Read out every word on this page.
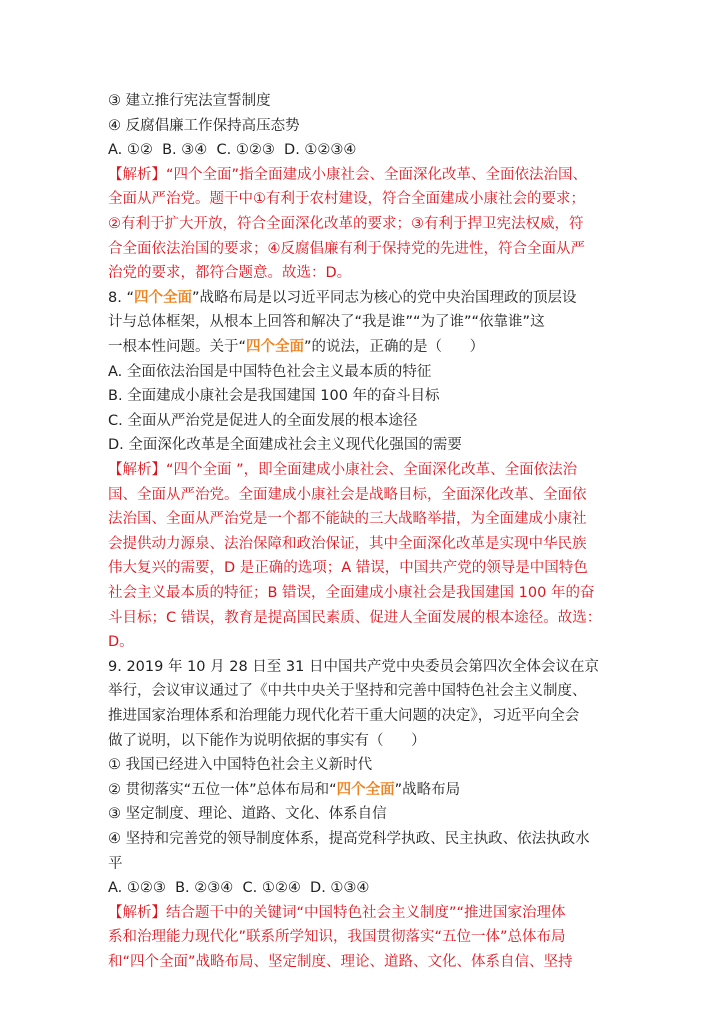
③ 建立推行宪法宣誓制度
④ 反腐倡廉工作保持高压态势
A. ①②  B. ③④  C. ①②③  D. ①②③④
【解析】“四个全面”指全面建成小康社会、全面深化改革、全面依法治国、
全面从严治党。题干中①有利于农村建设，符合全面建成小康社会的要求；
②有利于扩大开放，符合全面深化改革的要求；③有利于捍卫宪法权威，符
合全面依法治国的要求；④反腐倡廉有利于保持党的先进性，符合全面从严
治党的要求，都符合题意。故选：D。
8. “四个全面”战略布局是以习近平同志为核心的党中央治国理政的顶层设
计与总体框架，从根本上回答和解决了“我是谁”“为了谁”“依靠谁”这
一根本性问题。关于“四个全面”的说法，正确的是（      ）
A. 全面依法治国是中国特色社会主义最本质的特征
B. 全面建成小康社会是我国建国 100 年的奋斗目标
C. 全面从严治党是促进人的全面发展的根本途径
D. 全面深化改革是全面建成社会主义现代化强国的需要
【解析】“四个全面 ”，即全面建成小康社会、全面深化改革、全面依法治
国、全面从严治党。全面建成小康社会是战略目标，全面深化改革、全面依
法治国、全面从严治党是一个都不能缺的三大战略举措，为全面建成小康社
会提供动力源泉、法治保障和政治保证，其中全面深化改革是实现中华民族
伟大复兴的需要，D 是正确的选项；A 错误，中国共产党的领导是中国特色
社会主义最本质的特征；B 错误，全面建成小康社会是我国建国 100 年的奋
斗目标；C 错误，教育是提高国民素质、促进人全面发展的根本途径。故选：
D。
9. 2019 年 10 月 28 日至 31 日中国共产党中央委员会第四次全体会议在京
举行，会议审议通过了《中共中央关于坚持和完善中国特色社会主义制度、
推进国家治理体系和治理能力现代化若干重大问题的决定》，习近平向全会
做了说明，以下能作为说明依据的事实有（      ）
① 我国已经进入中国特色社会主义新时代
② 贯彻落实“五位一体”总体布局和“四个全面”战略布局
③ 坚定制度、理论、道路、文化、体系自信
④ 坚持和完善党的领导制度体系，提高党科学执政、民主执政、依法执政水
平
A. ①②③  B. ②③④  C. ①②④  D. ①③④
【解析】结合题干中的关键词“中国特色社会主义制度”“推进国家治理体
系和治理能力现代化”联系所学知识，我国贯彻落实“五位一体”总体布局
和“四个全面”战略布局、坚定制度、理论、道路、文化、体系自信、坚持
